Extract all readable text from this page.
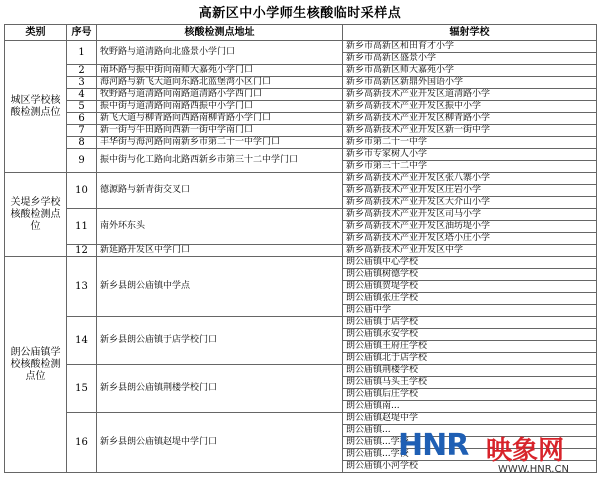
高新区中小学师生核酸临时采样点
类别	序号	核酸检测点地址	辐射学校
城区学校核酸检测点位	1	牧野路与道清路向北盛景小学门口	新乡市高新区和田育才小学
			新乡市高新区盛景小学
	2	南环路与振中街向南师大嘉苑小学门口	新乡市高新区师大嘉苑小学
	3	海河路与新飞大道向东路北蓝堡湾小区门口	新乡市高新区新鼎外国语小学
	4	牧野路与道清路向南路道清路小学西门口	新乡高新技术产业开发区道清路小学
	5	振中街与道清路向南路西振中小学门口	新乡高新技术产业开发区振中小学
	6	新飞大道与柳青路向西路南柳青路小学门口	新乡高新技术产业开发区柳青路小学
	7	新一街与牛田路向西新一街中学南门口	新乡高新技术产业开发区新一街中学
	8	丰华街与海河路向南新乡市第二十一中学门口	新乡市第二十一中学
	9	振中街与化工路向北路西新乡市第三十二中学门口	新乡市专家树人小学
			新乡市第三十二中学
关堤乡学校核酸检测点位	10	德源路与新青街交叉口	新乡高新技术产业开发区张八寨小学
			新乡高新技术产业开发区庄岩小学
			新乡高新技术产业开发区大介山小学
	11	南外环东头	新乡高新技术产业开发区司马小学
			新乡高新技术产业开发区油坊堤小学
			新乡高新技术产业开发区塔小庄小学
	12	新延路开发区中学门口	新乡高新技术产业开发区中学
朗公庙镇学校核酸检测点位	13	新乡县朗公庙镇中学点	朗公庙镇中心学校
			朗公庙镇树德学校
			朗公庙镇贺堤学校
			朗公庙镇张庄学校
			朗公庙中学
	14	新乡县朗公庙镇于店学校门口	朗公庙镇于店学校
			朗公庙镇永安学校
			朗公庙镇王府庄学校
			朗公庙镇北于店学校
	15	新乡县朗公庙镇荆楼学校门口	朗公庙镇荆楼学校
			朗公庙镇马头王学校
			朗公庙镇后庄学校
			朗公庙镇南...
	16	新乡县朗公庙镇赵堤中学门口	朗公庙镇赵堤中学
			朗公庙镇...
			朗公庙镇...学校
			朗公庙镇...学校
			朗公庙镇小河学校
HNR 映象网
WWW.HNR.CN
